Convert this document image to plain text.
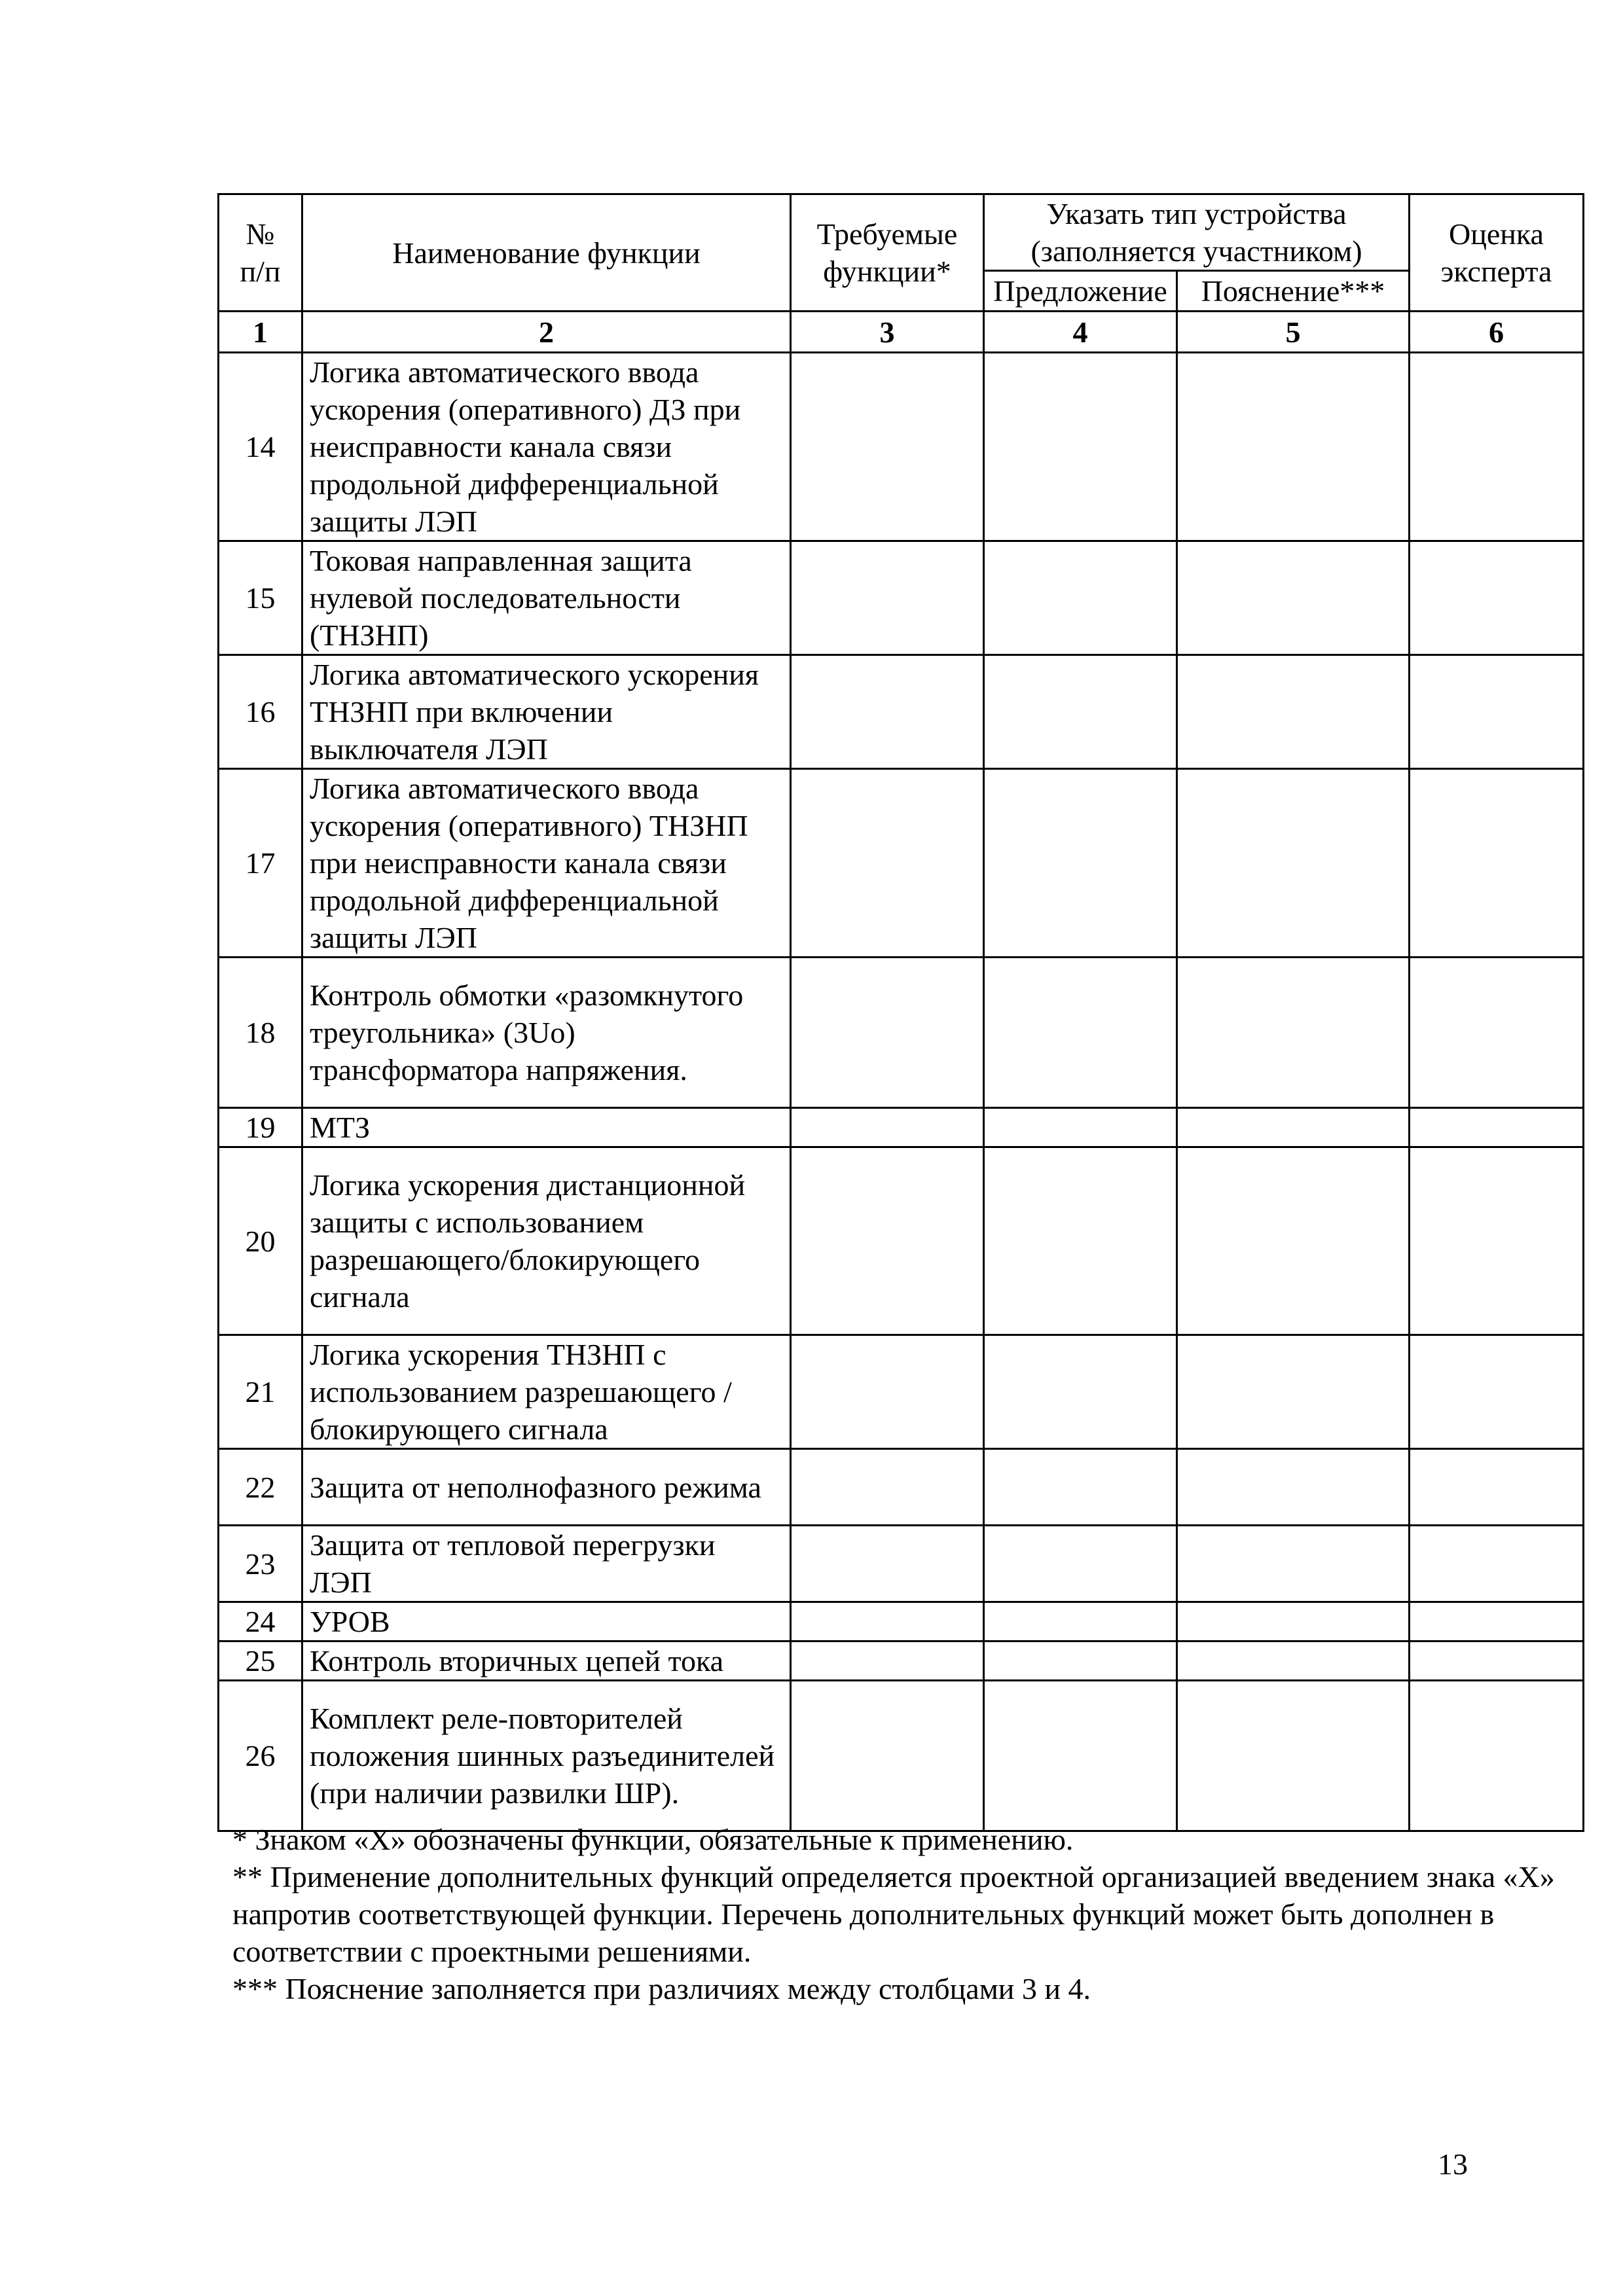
№
п/п	Наименование функции	Требуемые функции*	Указать тип устройства (заполняется участником)		Оценка эксперта
			Предложение	Пояснение***	
1	2	3	4	5	6
14	Логика автоматического ввода ускорения (оперативного) ДЗ при неисправности канала связи продольной дифференциальной защиты ЛЭП				
15	Токовая направленная защита нулевой последовательности (ТНЗНП)				
16	Логика автоматического ускорения ТНЗНП при включении выключателя ЛЭП				
17	Логика автоматического ввода ускорения (оперативного) ТНЗНП при неисправности канала связи продольной дифференциальной защиты ЛЭП				
18	Контроль обмотки «разомкнутого треугольника» (3Uo) трансформатора напряжения.				
19	МТЗ				
20	Логика ускорения дистанционной защиты с использованием разрешающего/блокирующего сигнала				
21	Логика ускорения ТНЗНП с использованием разрешающего /блокирующего сигнала				
22	Защита от неполнофазного режима				
23	Защита от тепловой перегрузки ЛЭП				
24	УРОВ				
25	Контроль вторичных цепей тока				
26	Комплект реле-повторителей положения шинных разъединителей (при наличии развилки ШР).				

* Знаком «Х» обозначены функции, обязательные к применению.

** Применение дополнительных функций определяется проектной организацией введением знака «Х» напротив соответствующей функции. Перечень дополнительных функций может быть дополнен в соответствии с проектными решениями.

*** Пояснение заполняется при различиях между столбцами 3 и 4.

13
